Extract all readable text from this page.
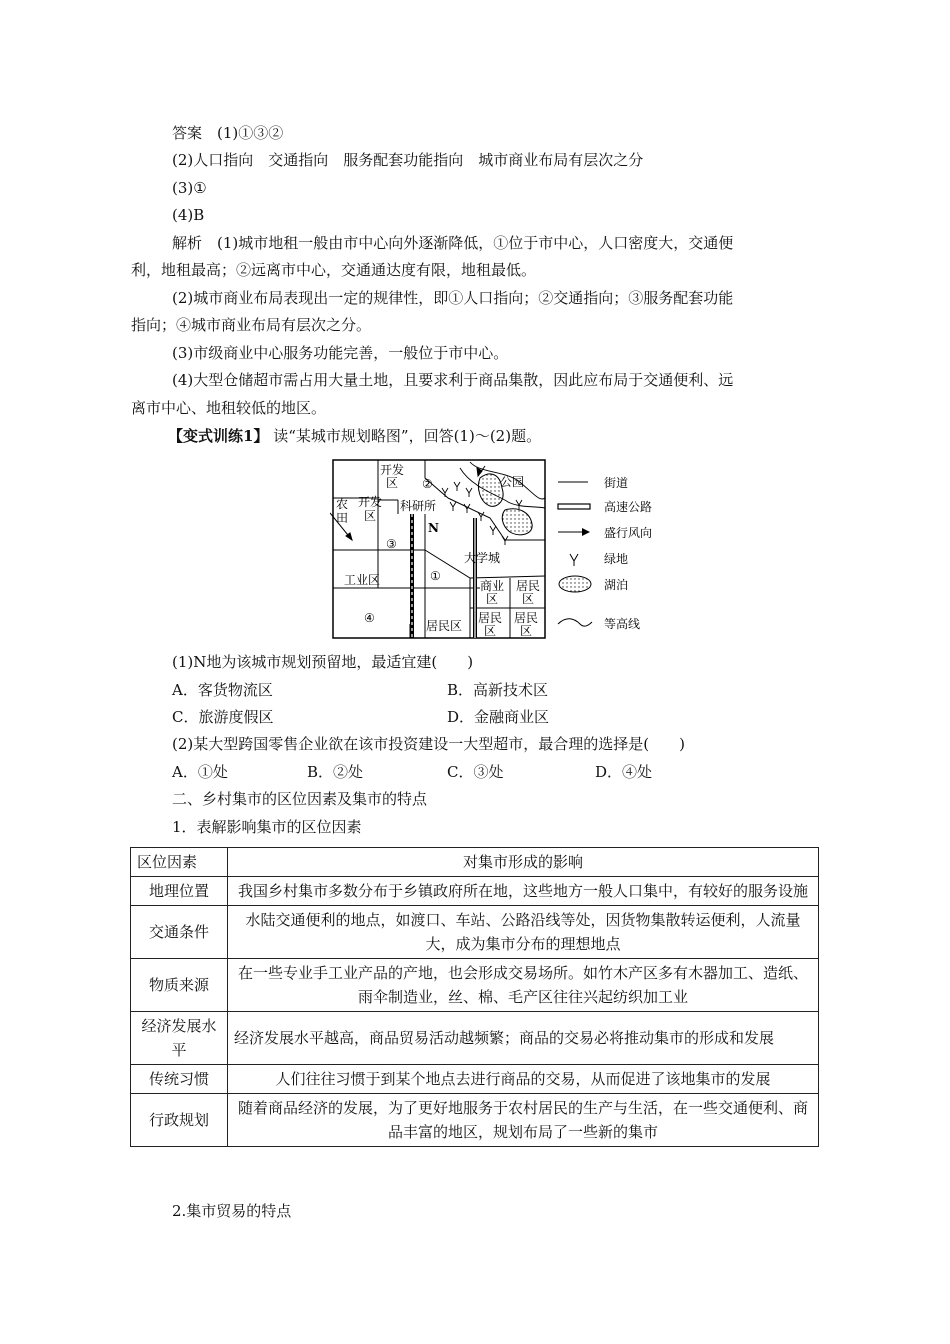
答案　(1)①③②
(2)人口指向　交通指向　服务配套功能指向　城市商业布局有层次之分
(3)①
(4)B
解析　(1)城市地租一般由市中心向外逐渐降低，①位于市中心，人口密度大，交通便
利，地租最高；②远离市中心，交通通达度有限，地租最低。
(2)城市商业布局表现出一定的规律性，即①人口指向；②交通指向；③服务配套功能
指向；④城市商业布局有层次之分。
(3)市级商业中心服务功能完善，一般位于市中心。
(4)大型仓储超市需占用大量土地，且要求利于商品集散，因此应布局于交通便利、远
离市中心、地租较低的地区。
【变式训练1】 读“某城市规划略图”，回答(1)～(2)题。
开发
区
农
田
开发
区
②
科研所
N
③
大学城
公园
工业区	①
商业
区
居民
区
④
居民区
居民
区
居民
区
街道
高速公路
盛行风向
绿地
湖泊
等高线
(1)N地为该城市规划预留地，最适宜建(　　)
A．客货物流区	B．高新技术区
C．旅游度假区	D．金融商业区
(2)某大型跨国零售企业欲在该市投资建设一大型超市，最合理的选择是(　　)
A．①处	B．②处	C．③处	D．④处
二、乡村集市的区位因素及集市的特点
1．表解影响集市的区位因素
区位因素	对集市形成的影响
地理位置	我国乡村集市多数分布于乡镇政府所在地，这些地方一般人口集中，有较好的服务设施
交通条件	水陆交通便利的地点，如渡口、车站、公路沿线等处，因货物集散转运便利，人流量大，成为集市分布的理想地点
物质来源	在一些专业手工业产品的产地，也会形成交易场所。如竹木产区多有木器加工、造纸、雨伞制造业，丝、棉、毛产区往往兴起纺织加工业
经济发展水平	经济发展水平越高，商品贸易活动越频繁；商品的交易必将推动集市的形成和发展
传统习惯	人们往往习惯于到某个地点去进行商品的交易，从而促进了该地集市的发展
行政规划	随着商品经济的发展，为了更好地服务于农村居民的生产与生活，在一些交通便利、商品丰富的地区，规划布局了一些新的集市
2.集市贸易的特点
